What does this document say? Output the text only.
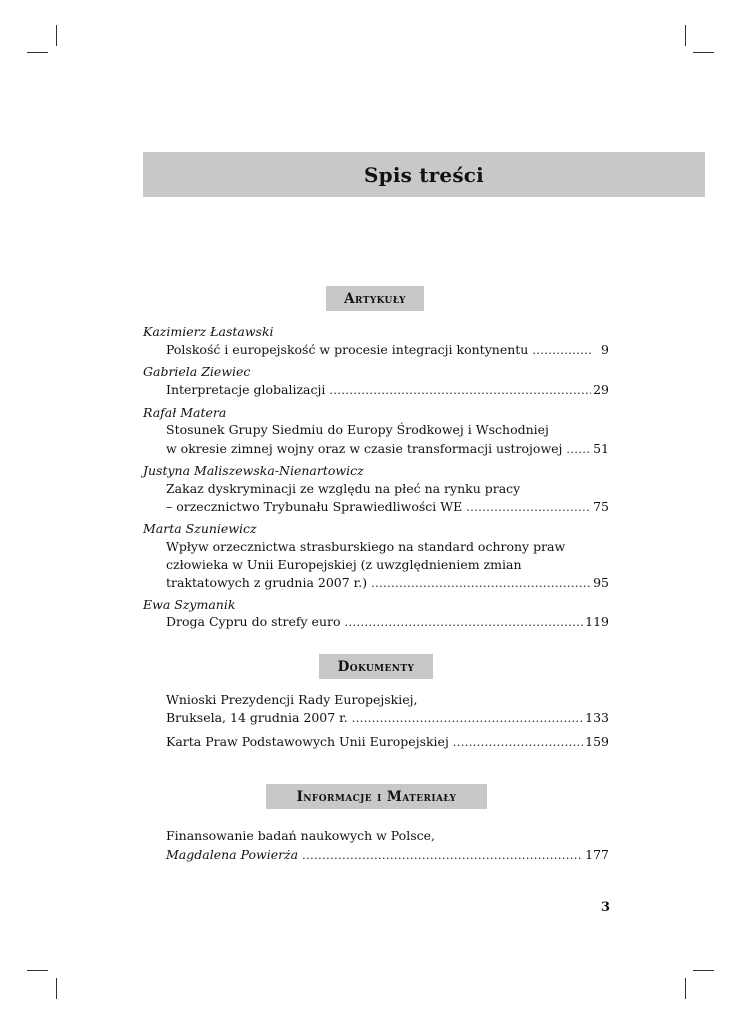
Spis treści
Artykuły
Kazimierz Łastawski
Polskość i europejskość w procesie integracji kontynentu .....	9
Gabriela Ziewiec
Interpretacje globalizacji .....	29
Rafał Matera
Stosunek Grupy Siedmiu do Europy Środkowej i Wschodniej
w okresie zimnej wojny oraz w czasie transformacji ustrojowej ..... 51
Justyna Maliszewska-Nienartowicz
Zakaz dyskryminacji ze względu na płeć na rynku pracy
– orzecznictwo Trybunału Sprawiedliwości WE .....	75
Marta Szuniewicz
Wpływ orzecznictwa strasburskiego na standard ochrony praw
człowieka w Unii Europejskiej (z uwzględnieniem zmian
traktatowych z grudnia 2007 r.) .....	95
Ewa Szymanik
Droga Cypru do strefy euro .....	119
Dokumenty
Wnioski Prezydencji Rady Europejskiej,
Bruksela, 14 grudnia 2007 r. .....	133
Karta Praw Podstawowych Unii Europejskiej .....	159
Informacje i Materiały
Finansowanie badań naukowych w Polsce,
Magdalena Powierża .....	177
3
